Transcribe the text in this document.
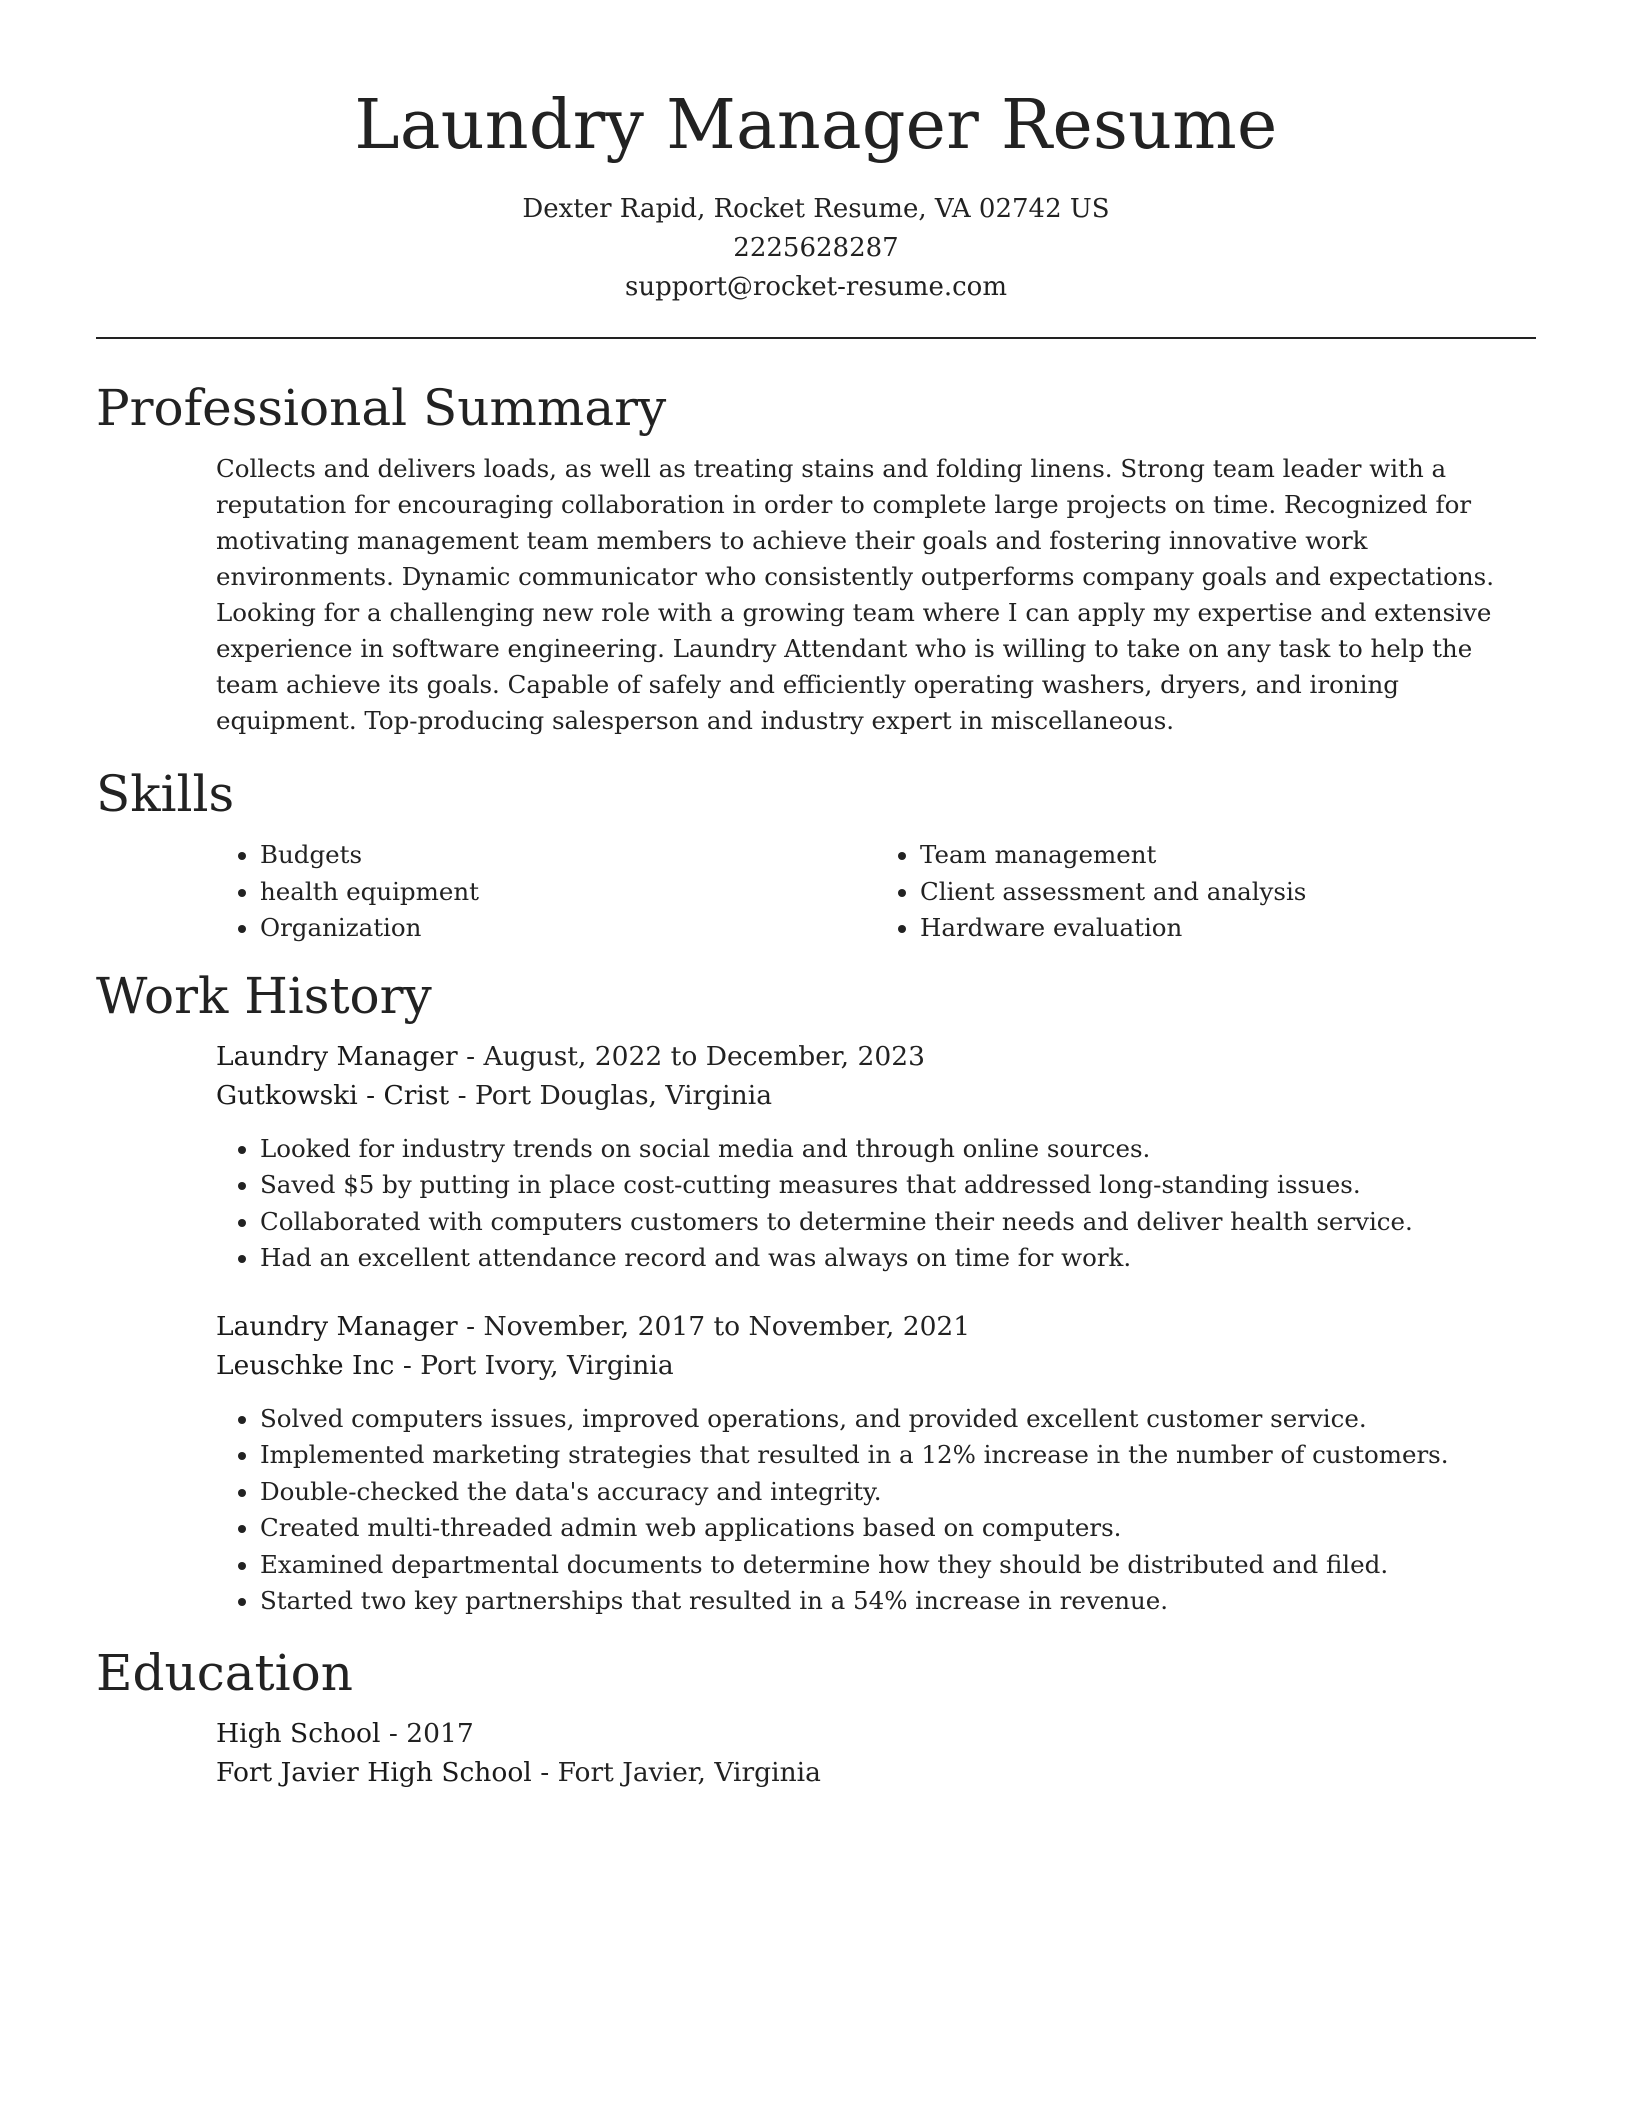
Laundry Manager Resume
Dexter Rapid, Rocket Resume, VA 02742 US
2225628287
support@rocket-resume.com
Professional Summary

Collects and delivers loads, as well as treating stains and folding linens. Strong team leader with a reputation for encouraging collaboration in order to complete large projects on time. Recognized for motivating management team members to achieve their goals and fostering innovative work environments. Dynamic communicator who consistently outperforms company goals and expectations. Looking for a challenging new role with a growing team where I can apply my expertise and extensive experience in software engineering. Laundry Attendant who is willing to take on any task to help the team achieve its goals. Capable of safely and efficiently operating washers, dryers, and ironing equipment. Top-producing salesperson and industry expert in miscellaneous.

Skills
• Budgets
• health equipment
• Organization
• Team management
• Client assessment and analysis
• Hardware evaluation
Work History
Laundry Manager - August, 2022 to December, 2023
Gutkowski - Crist - Port Douglas, Virginia
• Looked for industry trends on social media and through online sources.
• Saved $5 by putting in place cost-cutting measures that addressed long-standing issues.
• Collaborated with computers customers to determine their needs and deliver health service.
• Had an excellent attendance record and was always on time for work.
Laundry Manager - November, 2017 to November, 2021
Leuschke Inc - Port Ivory, Virginia
• Solved computers issues, improved operations, and provided excellent customer service.
• Implemented marketing strategies that resulted in a 12% increase in the number of customers.
• Double-checked the data's accuracy and integrity.
• Created multi-threaded admin web applications based on computers.
• Examined departmental documents to determine how they should be distributed and filed.
• Started two key partnerships that resulted in a 54% increase in revenue.
Education
High School - 2017
Fort Javier High School - Fort Javier, Virginia
